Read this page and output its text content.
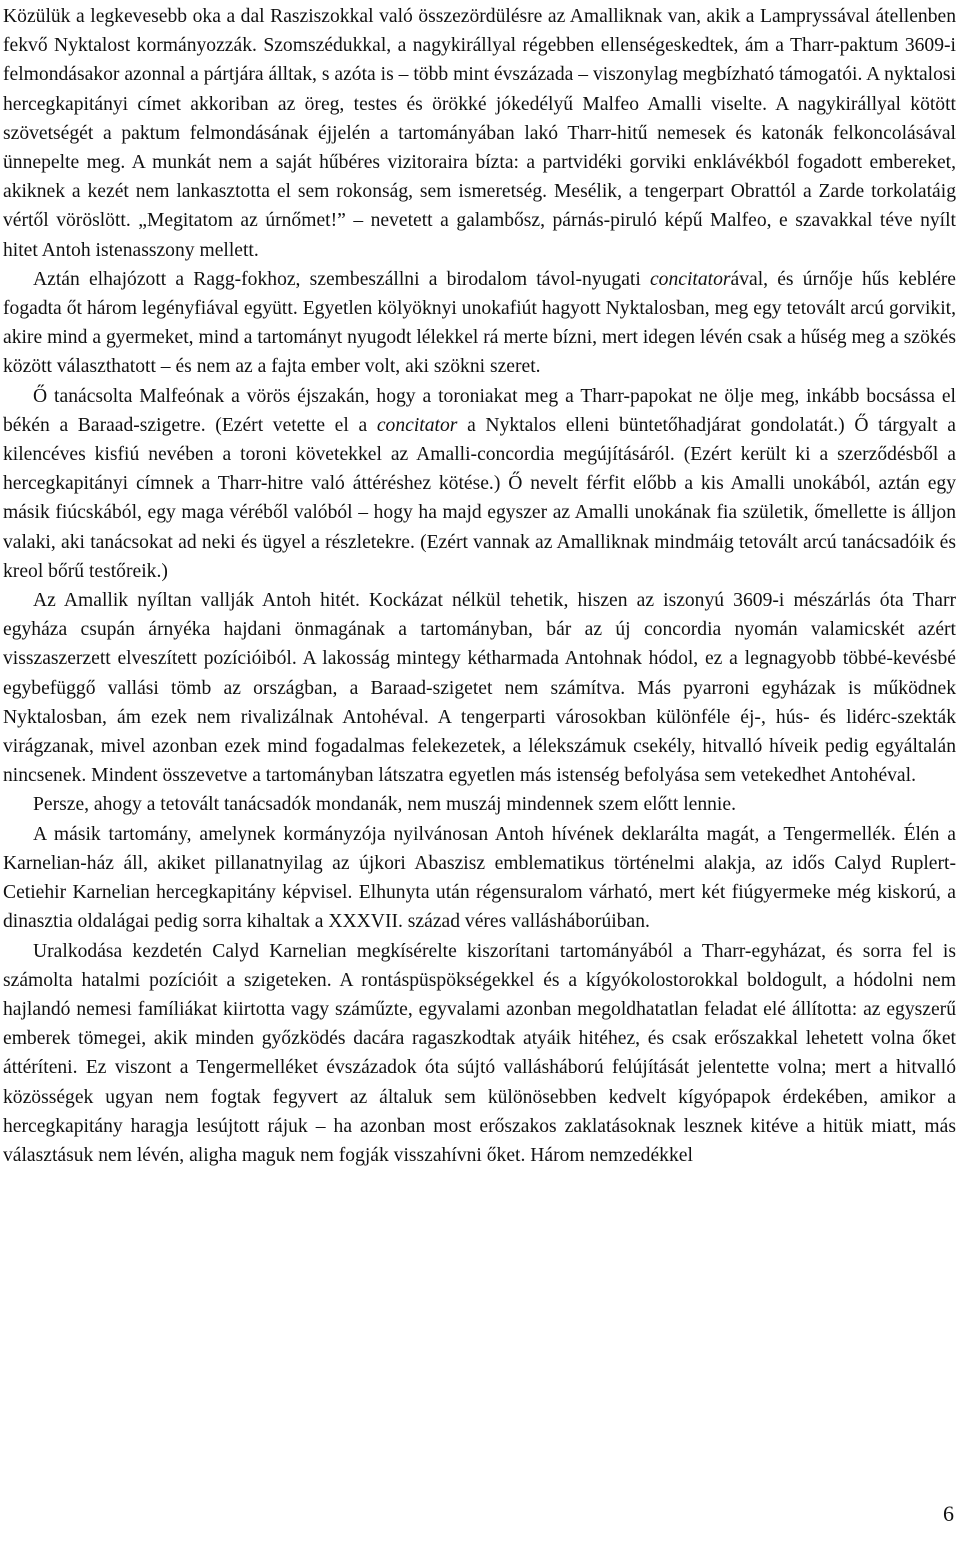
Közülük a legkevesebb oka a dal Rasziszokkal való összezördülésre az Amalliknak van, akik a Lampryssával átellenben fekvő Nyktalost kormányozzák. Szomszédukkal, a nagykirállyal régebben ellenségeskedtek, ám a Tharr-paktum 3609-i felmondásakor azonnal a pártjára álltak, s azóta is – több mint évszázada – viszonylag megbízható támogatói. A nyktalosi hercegkapitányi címet akkoriban az öreg, testes és örökké jókedélyű Malfeo Amalli viselte. A nagykirállyal kötött szövetségét a paktum felmondásának éjjelén a tartományában lakó Tharr-hitű nemesek és katonák felkoncolásával ünnepelte meg. A munkát nem a saját hűbéres vizitoraira bízta: a partvidéki gorviki enklávékból fogadott embereket, akiknek a kezét nem lankasztotta el sem rokonság, sem ismeretség. Mesélik, a tengerpart Obrattól a Zarde torkolatáig vértől vöröslött. „Megitatom az úrnőmet!” – nevetett a galambősz, párnás-piruló képű Malfeo, e szavakkal téve nyílt hitet Antoh istenasszony mellett.

Aztán elhajózott a Ragg-fokhoz, szembeszállni a birodalom távol-nyugati concitatorával, és úrnője hűs keblére fogadta őt három legényfiával együtt. Egyetlen kölyöknyi unokafiút hagyott Nyktalosban, meg egy tetovált arcú gorvikit, akire mind a gyermeket, mind a tartományt nyugodt lélekkel rá merte bízni, mert idegen lévén csak a hűség meg a szökés között választhatott – és nem az a fajta ember volt, aki szökni szeret.

Ő tanácsolta Malfeónak a vörös éjszakán, hogy a toroniakat meg a Tharr-papokat ne ölje meg, inkább bocsássa el békén a Baraad-szigetre. (Ezért vetette el a concitator a Nyktalos elleni büntetőhadjárat gondolatát.) Ő tárgyalt a kilencéves kisfiú nevében a toroni követekkel az Amalli-concordia megújításáról. (Ezért került ki a szerződésből a hercegkapitányi címnek a Tharr-hitre való áttéréshez kötése.) Ő nevelt férfit előbb a kis Amalli unokából, aztán egy másik fiúcskából, egy maga véréből valóból – hogy ha majd egyszer az Amalli unokának fia születik, őmellette is álljon valaki, aki tanácsokat ad neki és ügyel a részletekre. (Ezért vannak az Amalliknak mindmáig tetovált arcú tanácsadóik és kreol bőrű testőreik.)

Az Amallik nyíltan vallják Antoh hitét. Kockázat nélkül tehetik, hiszen az iszonyú 3609-i mészárlás óta Tharr egyháza csupán árnyéka hajdani önmagának a tartományban, bár az új concordia nyomán valamicskét azért visszaszerzett elveszített pozícióiból. A lakosság mintegy kétharmada Antohnak hódol, ez a legnagyobb többé-kevésbé egybefüggő vallási tömb az országban, a Baraad-szigetet nem számítva. Más pyarroni egyházak is működnek Nyktalosban, ám ezek nem rivalizálnak Antohéval. A tengerparti városokban különféle éj-, hús- és lidérc-szekták virágzanak, mivel azonban ezek mind fogadalmas felekezetek, a lélekszámuk csekély, hitvalló híveik pedig egyáltalán nincsenek. Mindent összevetve a tartományban látszatra egyetlen más istenség befolyása sem vetekedhet Antohéval.

Persze, ahogy a tetovált tanácsadók mondanák, nem muszáj mindennek szem előtt lennie.

A másik tartomány, amelynek kormányzója nyilvánosan Antoh hívének deklarálta magát, a Tengermellék. Élén a Karnelian-ház áll, akiket pillanatnyilag az újkori Abaszisz emblematikus történelmi alakja, az idős Calyd Ruplert-Cetiehir Karnelian hercegkapitány képvisel. Elhunyta után régensuralom várható, mert két fiúgyermeke még kiskorú, a dinasztia oldalágai pedig sorra kihaltak a XXXVII. század véres vallásháborúiban.

Uralkodása kezdetén Calyd Karnelian megkísérelte kiszorítani tartományából a Tharr-egyházat, és sorra fel is számolta hatalmi pozícióit a szigeteken. A rontáspüspökségekkel és a kígyókolostorokkal boldogult, a hódolni nem hajlandó nemesi famíliákat kiirtotta vagy száműzte, egyvalami azonban megoldhatatlan feladat elé állította: az egyszerű emberek tömegei, akik minden győzködés dacára ragaszkodtak atyáik hitéhez, és csak erőszakkal lehetett volna őket áttéríteni. Ez viszont a Tengermelléket évszázadok óta sújtó vallásháború felújítását jelentette volna; mert a hitvalló közösségek ugyan nem fogtak fegyvert az általuk sem különösebben kedvelt kígyópapok érdekében, amikor a hercegkapitány haragja lesújtott rájuk – ha azonban most erőszakos zaklatásoknak lesznek kitéve a hitük miatt, más választásuk nem lévén, aligha maguk nem fogják visszahívni őket. Három nemzedékkel

6
